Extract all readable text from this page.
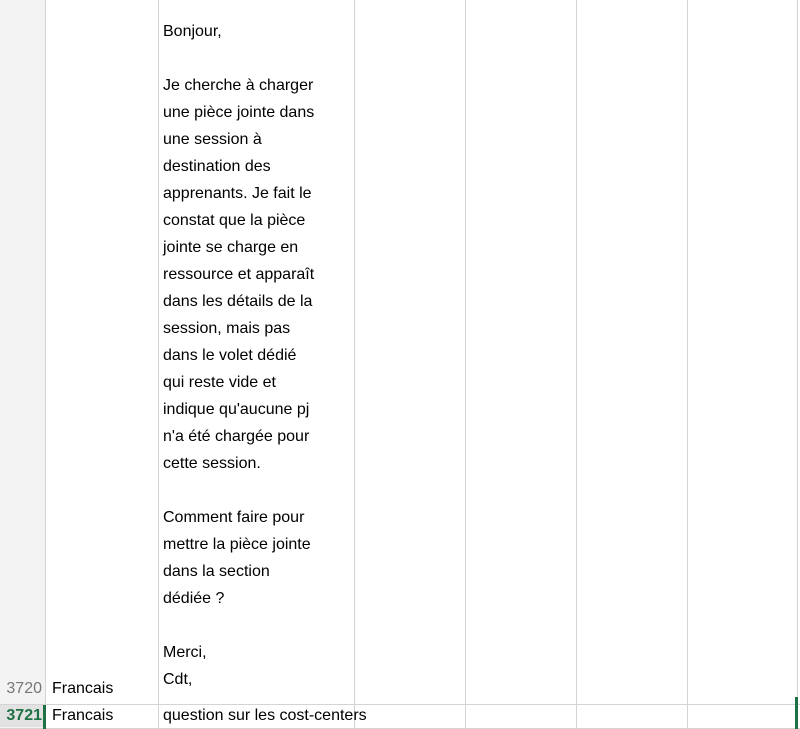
3720 Francais

Bonjour,

Je cherche à charger

une pièce jointe dans

une session à

destination des

apprenants. Je fait le

constat que la pièce

jointe se charge en

ressource et apparaît

dans les détails de la

session, mais pas

dans le volet dédié

qui reste vide et

indique qu'aucune pj

n'a été chargée pour

cette session.

Comment faire pour

mettre la pièce jointe

dans la section

dédiée ?

Merci,

Cdt,

3721 Francais	question sur les cost-centers
